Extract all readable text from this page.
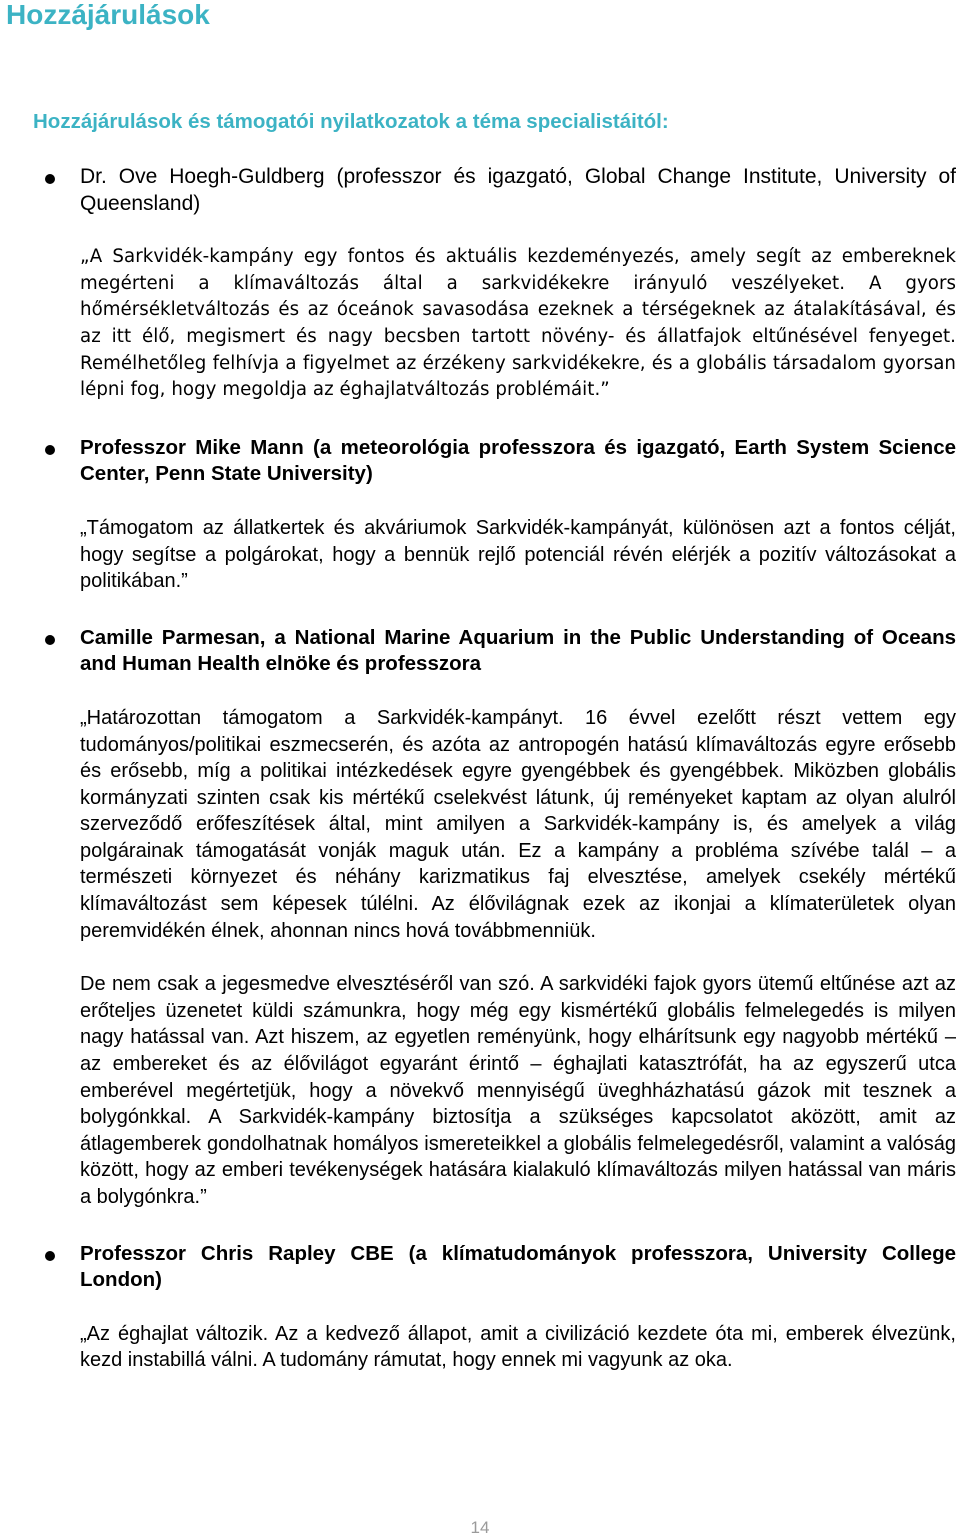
Hozzájárulások
Hozzájárulások és támogatói nyilatkozatok a téma specialistáitól:

Dr. Ove Hoegh-Guldberg (professzor és igazgató, Global Change Institute, University of Queensland)

„A Sarkvidék-kampány egy fontos és aktuális kezdeményezés, amely segít az embereknek megérteni a klímaváltozás által a sarkvidékekre irányuló veszélyeket. A gyors hőmérsékletváltozás és az óceánok savasodása ezeknek a térségeknek az átalakításával, és az itt élő, megismert és nagy becsben tartott növény- és állatfajok eltűnésével fenyeget. Remélhetőleg felhívja a figyelmet az érzékeny sarkvidékekre, és a globális társadalom gyorsan lépni fog, hogy megoldja az éghajlatváltozás problémáit.”

Professzor Mike Mann (a meteorológia professzora és igazgató, Earth System Science Center, Penn State University)

„Támogatom az állatkertek és akváriumok Sarkvidék-kampányát, különösen azt a fontos célját, hogy segítse a polgárokat, hogy a bennük rejlő potenciál révén elérjék a pozitív változásokat a politikában.”

Camille Parmesan, a National Marine Aquarium in the Public Understanding of Oceans and Human Health elnöke és professzora

„Határozottan támogatom a Sarkvidék-kampányt. 16 évvel ezelőtt részt vettem egy tudományos/politikai eszmecserén, és azóta az antropogén hatású klímaváltozás egyre erősebb és erősebb, míg a politikai intézkedések egyre gyengébbek és gyengébbek. Miközben globális kormányzati szinten csak kis mértékű cselekvést látunk, új reményeket kaptam az olyan alulról szerveződő erőfeszítések által, mint amilyen a Sarkvidék-kampány is, és amelyek a világ polgárainak támogatását vonják maguk után. Ez a kampány a probléma szívébe talál – a természeti környezet és néhány karizmatikus faj elvesztése, amelyek csekély mértékű klímaváltozást sem képesek túlélni. Az élővilágnak ezek az ikonjai a klímaterületek olyan peremvidékén élnek, ahonnan nincs hová továbbmenniük.

De nem csak a jegesmedve elvesztéséről van szó. A sarkvidéki fajok gyors ütemű eltűnése azt az erőteljes üzenetet küldi számunkra, hogy még egy kismértékű globális felmelegedés is milyen nagy hatással van. Azt hiszem, az egyetlen reményünk, hogy elhárítsunk egy nagyobb mértékű – az embereket és az élővilágot egyaránt érintő – éghajlati katasztrófát, ha az egyszerű utca emberével megértetjük, hogy a növekvő mennyiségű üveghházhatású gázok mit tesznek a bolygónkkal. A Sarkvidék-kampány biztosítja a szükséges kapcsolatot aközött, amit az átlagemberek gondolhatnak homályos ismereteikkel a globális felmelegedésről, valamint a valóság között, hogy az emberi tevékenységek hatására kialakuló klímaváltozás milyen hatással van máris a bolygónkra.”

Professzor Chris Rapley CBE (a klímatudományok professzora, University College London)

„Az éghajlat változik. Az a kedvező állapot, amit a civilizáció kezdete óta mi, emberek élvezünk, kezd instabillá válni. A tudomány rámutat, hogy ennek mi vagyunk az oka.

14
